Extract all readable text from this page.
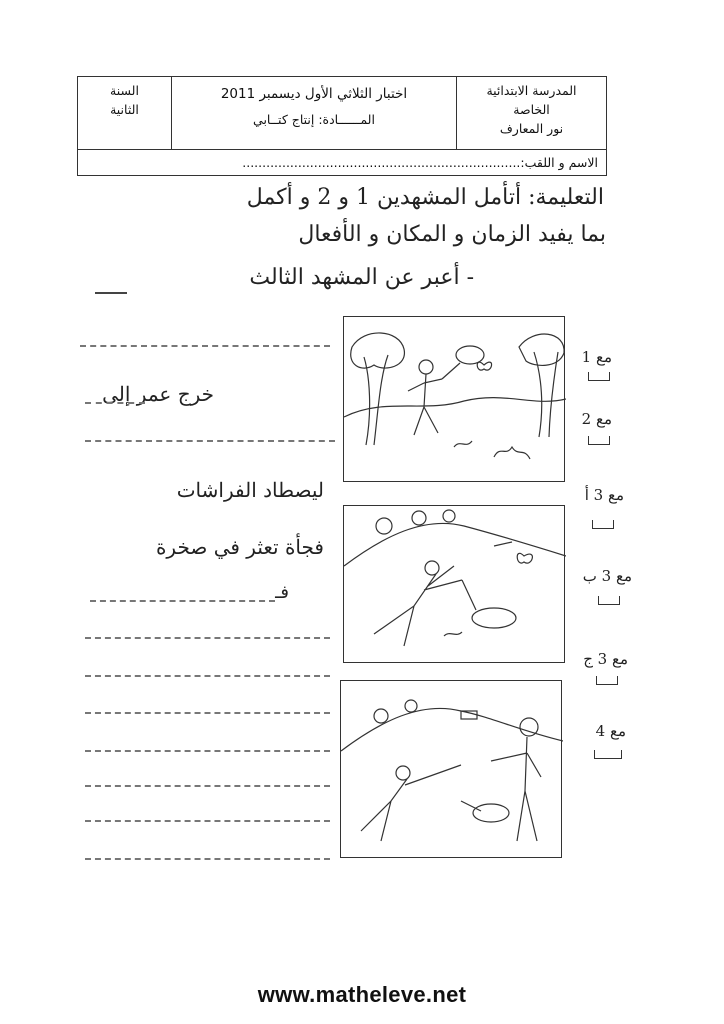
المدرسة الابتدائية
الخاصة
نور المعارف
اختبار الثلاثي الأول ديسمبر 2011
المــــــادة: إنتاج كتــابي
السنة
الثانية
الاسم و اللقب:......................................................................
التعليمة: أتأمل المشهدين 1 و 2 و أكمل
بما يفيد الزمان و المكان و الأفعال
- أعبر عن المشهد الثالث
خرج عمر إلى
ليصطاد الفراشات
فجأة تعثر في صخرة
فـ
مع 1
مع 2
مع 3 أ
مع 3 ب
مع 3 ج
مع 4
www.matheleve.net
